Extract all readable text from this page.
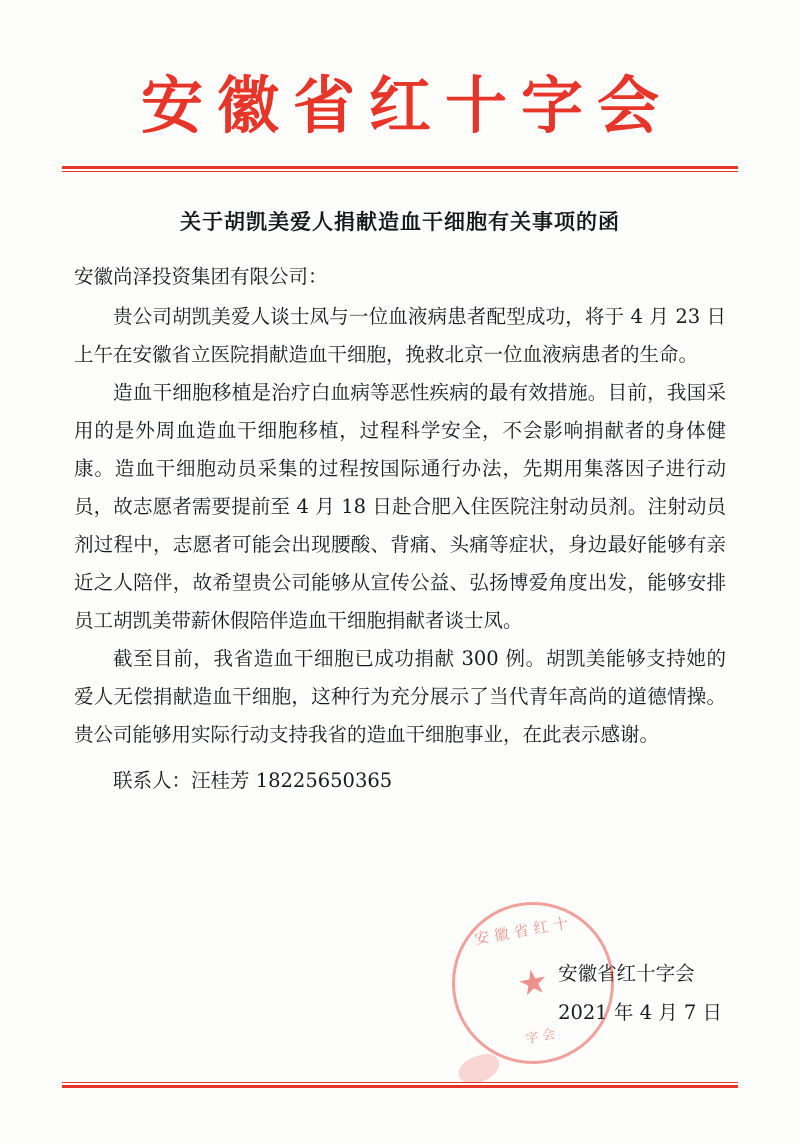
安徽省红十字会
关于胡凯美爱人捐献造血干细胞有关事项的函

安徽尚泽投资集团有限公司：

贵公司胡凯美爱人谈士凤与一位血液病患者配型成功，将于 4 月 23 日上午在安徽省立医院捐献造血干细胞，挽救北京一位血液病患者的生命。

造血干细胞移植是治疗白血病等恶性疾病的最有效措施。目前，我国采用的是外周血造血干细胞移植，过程科学安全，不会影响捐献者的身体健康。造血干细胞动员采集的过程按国际通行办法，先期用集落因子进行动员，故志愿者需要提前至 4 月 18 日赴合肥入住医院注射动员剂。注射动员剂过程中，志愿者可能会出现腰酸、背痛、头痛等症状，身边最好能够有亲近之人陪伴，故希望贵公司能够从宣传公益、弘扬博爱角度出发，能够安排员工胡凯美带薪休假陪伴造血干细胞捐献者谈士凤。

截至目前，我省造血干细胞已成功捐献 300 例。胡凯美能够支持她的爱人无偿捐献造血干细胞，这种行为充分展示了当代青年高尚的道德情操。贵公司能够用实际行动支持我省的造血干细胞事业，在此表示感谢。

联系人：汪桂芳 18225650365

安徽省红十字会
2021 年 4 月 7 日
安徽省红十
★
字会
